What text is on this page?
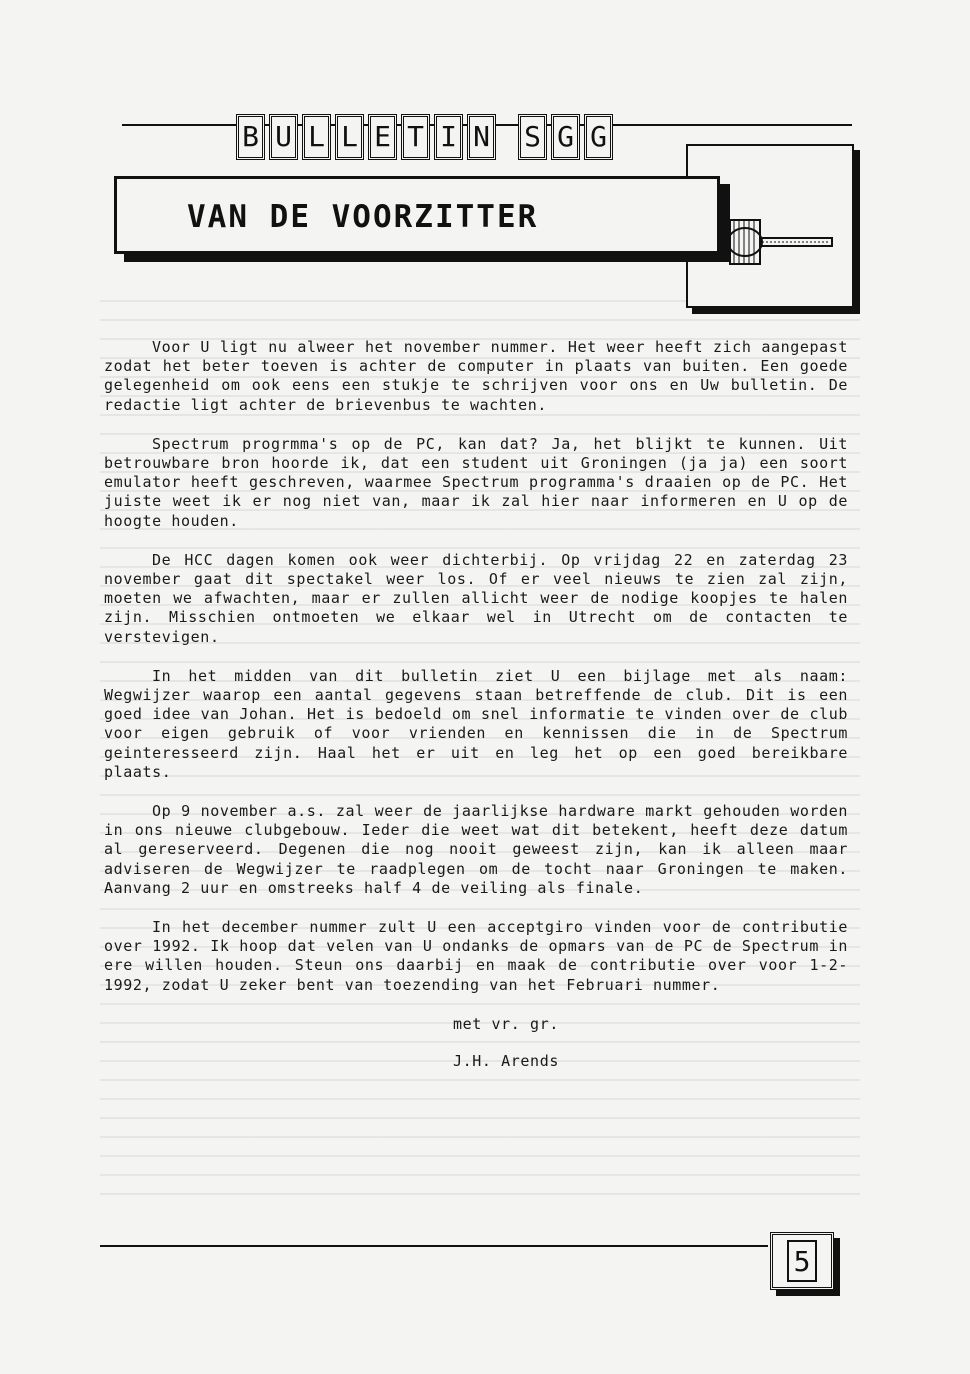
B U L L E T I N S G G
VAN DE VOORZITTER

Voor U ligt nu alweer het november nummer. Het weer heeft zich aangepast zodat het beter toeven is achter de computer in plaats van buiten. Een goede gelegenheid om ook eens een stukje te schrijven voor ons en Uw bulletin. De redactie ligt achter de brievenbus te wachten.

Spectrum progrmma's op de PC, kan dat? Ja, het blijkt te kunnen. Uit betrouwbare bron hoorde ik, dat een student uit Groningen (ja ja) een soort emulator heeft geschreven, waarmee Spectrum programma's draaien op de PC. Het juiste weet ik er nog niet van, maar ik zal hier naar informeren en U op de hoogte houden.

De HCC dagen komen ook weer dichterbij. Op vrijdag 22 en zaterdag 23 november gaat dit spectakel weer los. Of er veel nieuws te zien zal zijn, moeten we afwachten, maar er zullen allicht weer de nodige koopjes te halen zijn. Misschien ontmoeten we elkaar wel in Utrecht om de contacten te verstevigen.

In het midden van dit bulletin ziet U een bijlage met als naam: Wegwijzer waarop een aantal gegevens staan betreffende de club. Dit is een goed idee van Johan. Het is bedoeld om snel informatie te vinden over de club voor eigen gebruik of voor vrienden en kennissen die in de Spectrum geinteresseerd zijn. Haal het er uit en leg het op een goed bereikbare plaats.

Op 9 november a.s. zal weer de jaarlijkse hardware markt gehouden worden in ons nieuwe clubgebouw. Ieder die weet wat dit betekent, heeft deze datum al gereserveerd. Degenen die nog nooit geweest zijn, kan ik alleen maar adviseren de Wegwijzer te raadplegen om de tocht naar Groningen te maken. Aanvang 2 uur en omstreeks half 4 de veiling als finale.

In het december nummer zult U een acceptgiro vinden voor de contributie over 1992. Ik hoop dat velen van U ondanks de opmars van de PC de Spectrum in ere willen houden. Steun ons daarbij en maak de contributie over voor 1-2-1992, zodat U zeker bent van toezending van het Februari nummer.

met vr. gr.

J.H. Arends

5
